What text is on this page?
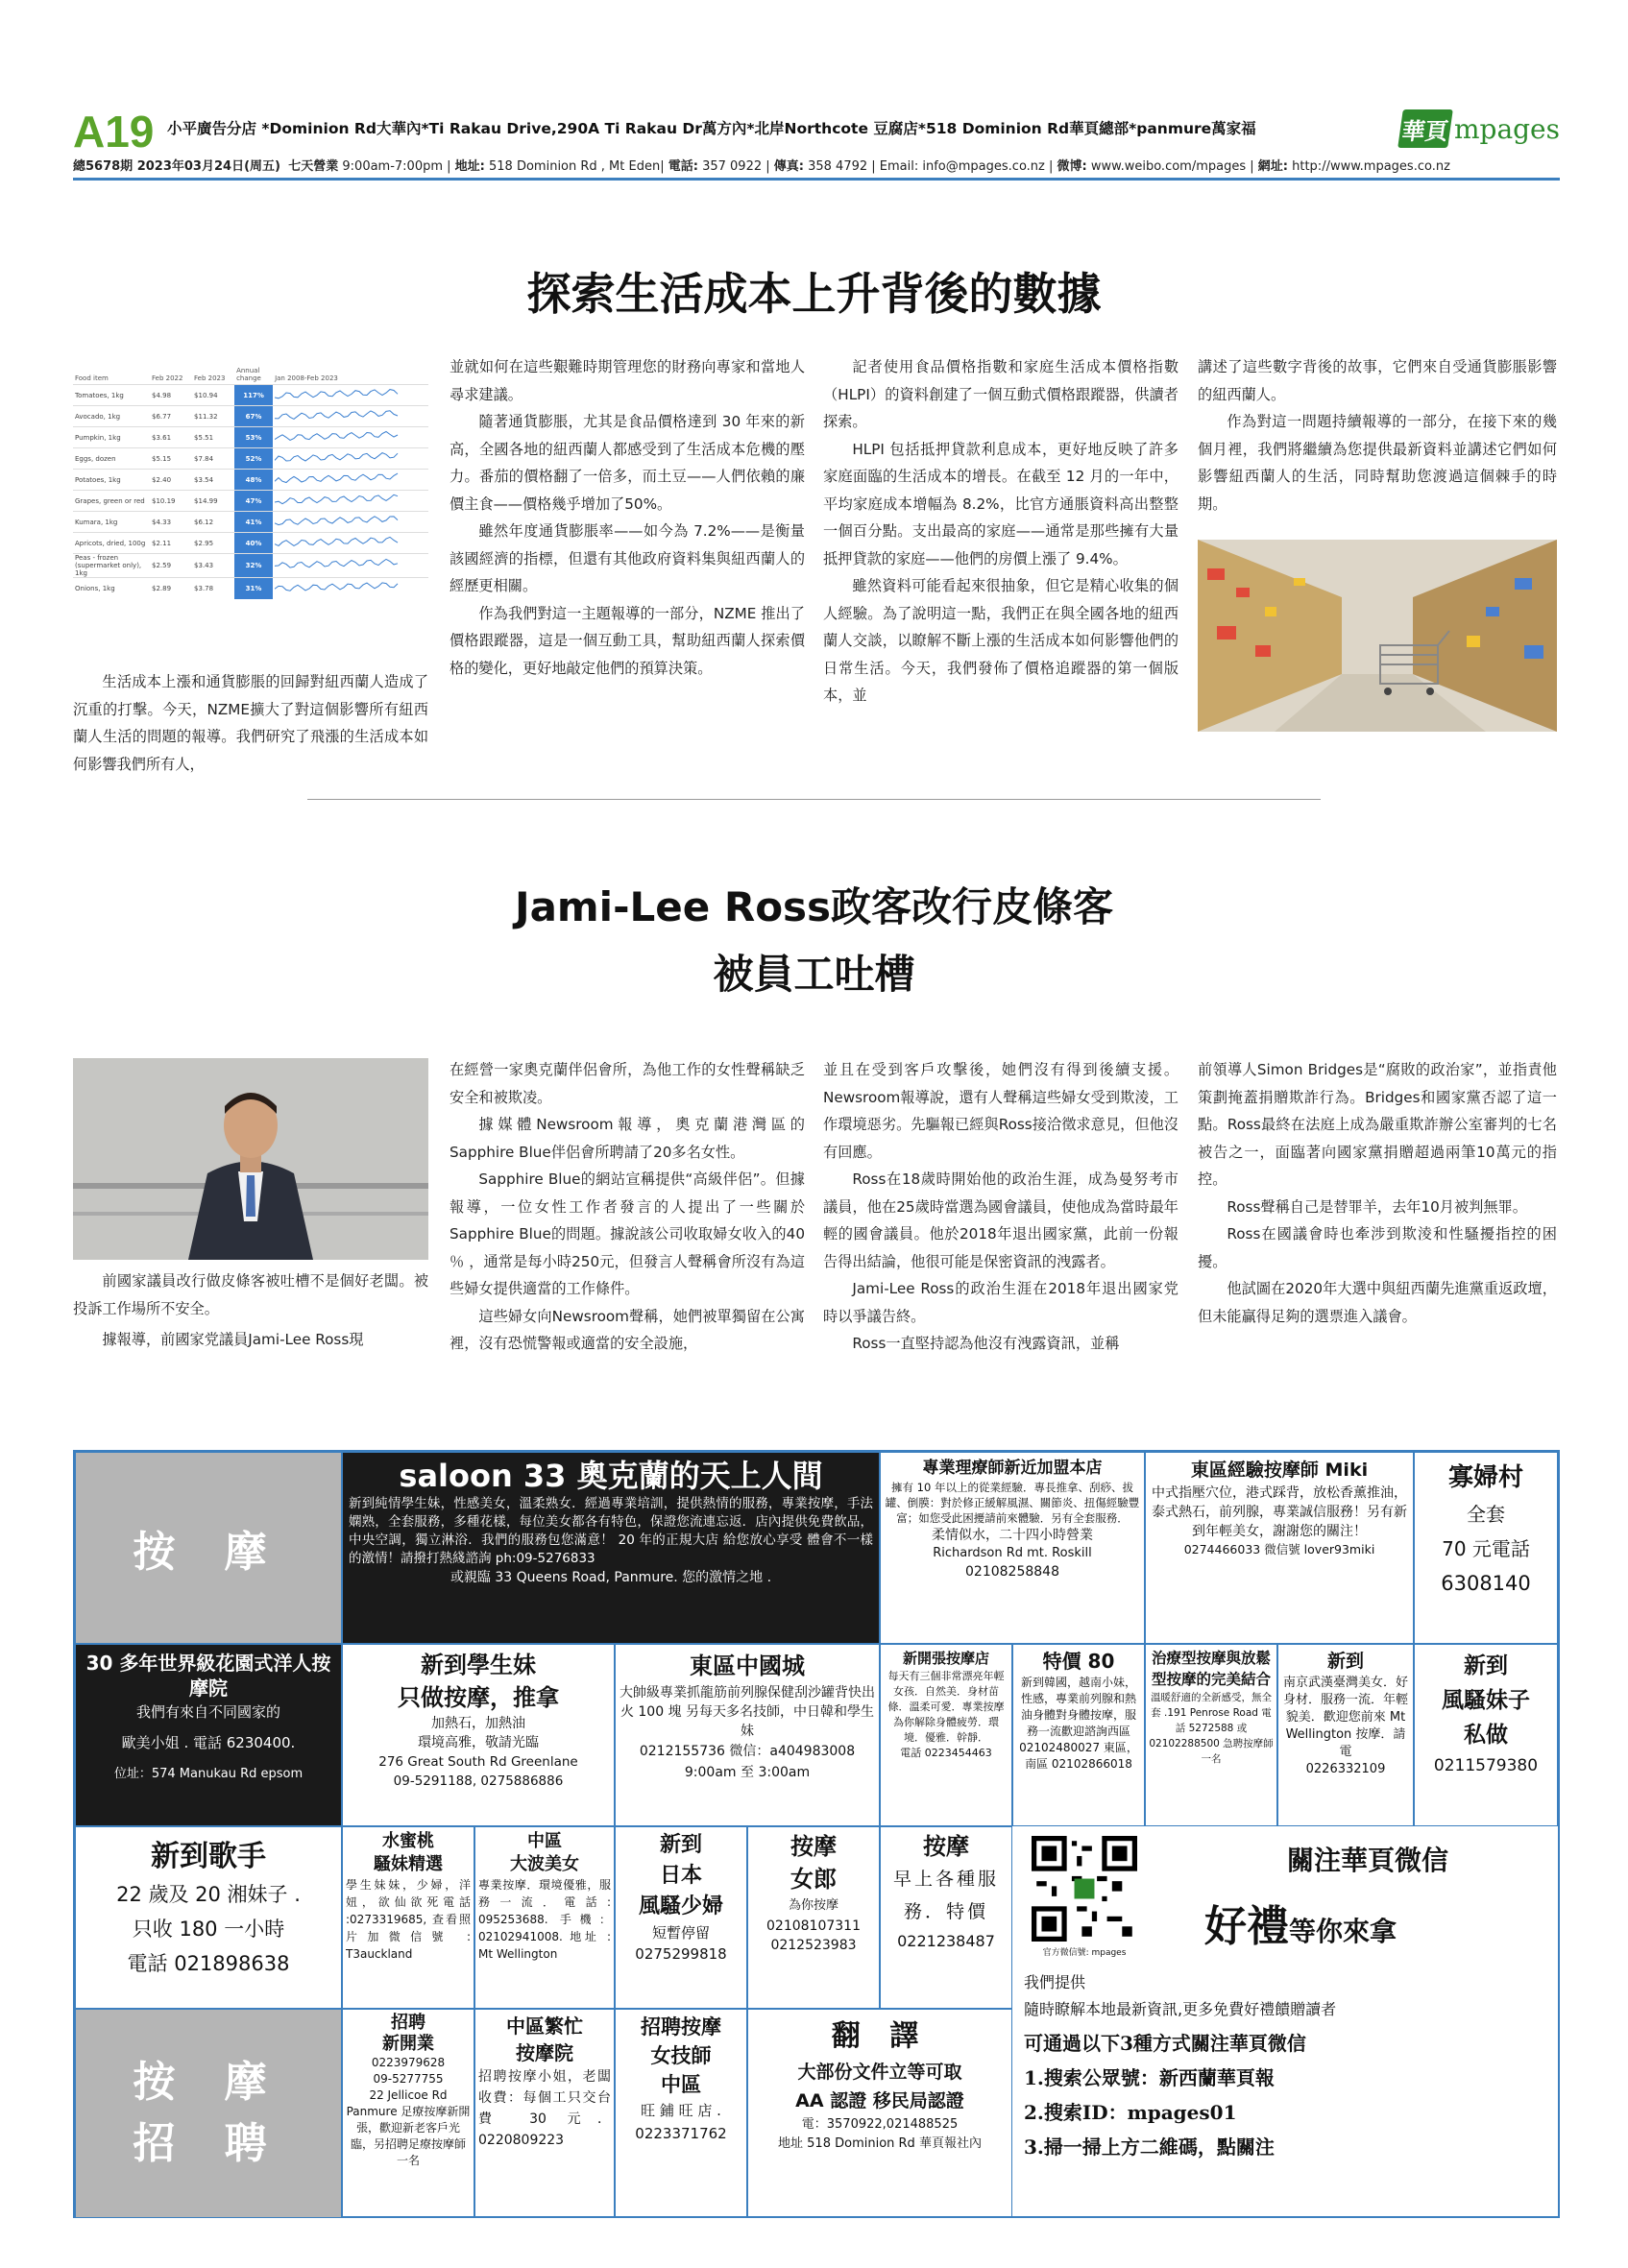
A19 小平廣告分店 *Dominion Rd大華內*Ti Rakau Drive,290A Ti Rakau Dr萬方內*北岸Northcote 豆腐店*518 Dominion Rd華頁總部*panmure萬家福	華頁 mpages
總5678期 2023年03月24日(周五) 七天營業 9:00am-7:00pm | 地址: 518 Dominion Rd , Mt Eden| 電話: 357 0922 | 傳真: 358 4792 | Email: info@mpages.co.nz | 微博: www.weibo.com/mpages | 網址: http://www.mpages.co.nz
探索生活成本上升背後的數據
Food item	Feb 2022	Feb 2023	Annual change	Jan 2008-Feb 2023
Tomatoes, 1kg	$4.98	$10.94	117%	
Avocado, 1kg	$6.77	$11.32	67%	
Pumpkin, 1kg	$3.61	$5.51	53%	
Eggs, dozen	$5.15	$7.84	52%	
Potatoes, 1kg	$2.40	$3.54	48%	
Grapes, green or red	$10.19	$14.99	47%	
Kumara, 1kg	$4.33	$6.12	41%	
Apricots, dried, 100g	$2.11	$2.95	40%	
Peas - frozen (supermarket only), 1kg	$2.59	$3.43	32%	
Onions, 1kg	$2.89	$3.78	31%	

生活成本上漲和通貨膨脹的回歸對紐西蘭人造成了沉重的打擊。今天，NZME擴大了對這個影響所有紐西蘭人生活的問題的報導。我們研究了飛漲的生活成本如何影響我們所有人，

並就如何在這些艱難時期管理您的財務向專家和當地人尋求建議。

隨著通貨膨脹，尤其是食品價格達到 30 年來的新高，全國各地的紐西蘭人都感受到了生活成本危機的壓力。番茄的價格翻了一倍多，而土豆——人們依賴的廉價主食——價格幾乎增加了50%。

雖然年度通貨膨脹率——如今為 7.2%——是衡量該國經濟的指標，但還有其他政府資料集與紐西蘭人的經歷更相關。

作為我們對這一主題報導的一部分，NZME 推出了價格跟蹤器，這是一個互動工具，幫助紐西蘭人探索價格的變化，更好地敲定他們的預算決策。

記者使用食品價格指數和家庭生活成本價格指數（HLPI）的資料創建了一個互動式價格跟蹤器，供讀者探索。

HLPI 包括抵押貸款利息成本，更好地反映了許多家庭面臨的生活成本的增長。在截至 12 月的一年中，平均家庭成本增幅為 8.2%，比官方通脹資料高出整整一個百分點。支出最高的家庭——通常是那些擁有大量抵押貸款的家庭——他們的房價上漲了 9.4%。

雖然資料可能看起來很抽象，但它是精心收集的個人經驗。為了說明這一點，我們正在與全國各地的紐西蘭人交談，以瞭解不斷上漲的生活成本如何影響他們的日常生活。今天，我們發佈了價格追蹤器的第一個版本，並

講述了這些數字背後的故事，它們來自受通貨膨脹影響的紐西蘭人。

作為對這一問題持續報導的一部分，在接下來的幾個月裡，我們將繼續為您提供最新資料並講述它們如何影響紐西蘭人的生活，同時幫助您渡過這個棘手的時期。

Jami-Lee Ross政客改行皮條客
被員工吐槽

前國家議員改行做皮條客被吐槽不是個好老闆。被投訴工作場所不安全。

據報導，前國家党議員Jami-Lee Ross現

在經營一家奧克蘭伴侶會所，為他工作的女性聲稱缺乏安全和被欺凌。

據媒體Newsroom報導，奧克蘭港灣區的Sapphire Blue伴侶會所聘請了20多名女性。

Sapphire Blue的網站宣稱提供“高級伴侶”。但據報導，一位女性工作者發言的人提出了一些關於Sapphire Blue的問題。據說該公司收取婦女收入的40 ％ ，通常是每小時250元，但發言人聲稱會所沒有為這些婦女提供適當的工作條件。

這些婦女向Newsroom聲稱，她們被單獨留在公寓裡，沒有恐慌警報或適當的安全設施，

並且在受到客戶攻擊後，她們沒有得到後續支援。Newsroom報導說，還有人聲稱這些婦女受到欺淩，工作環境惡劣。先驅報已經與Ross接洽徵求意見，但他沒有回應。

Ross在18歲時開始他的政治生涯，成為曼努考市議員，他在25歲時當選為國會議員，使他成為當時最年輕的國會議員。他於2018年退出國家黨，此前一份報告得出結論，他很可能是保密資訊的洩露者。

Jami-Lee Ross的政治生涯在2018年退出國家党時以爭議告終。

Ross一直堅持認為他沒有洩露資訊，並稱

前領導人Simon Bridges是“腐敗的政治家”，並指責他策劃掩蓋捐贈欺詐行為。Bridges和國家黨否認了這一點。Ross最終在法庭上成為嚴重欺詐辦公室審判的七名被告之一，面臨著向國家黨捐贈超過兩筆10萬元的指控。

Ross聲稱自己是替罪羊，去年10月被判無罪。

Ross在國議會時也牽涉到欺淩和性騷擾指控的困擾。

他試圖在2020年大選中與紐西蘭先進黨重返政壇，但未能贏得足夠的選票進入議會。

按 摩
saloon 33 奧克蘭的天上人間
新到純情學生妹，性感美女，溫柔熟女．經過專業培訓，提供熱情的服務，專業按摩，手法嫻熟，全套服務，多種花樣，每位美女都各有特色，保證您流連忘返．店內提供免費飲品，中央空調，獨立淋浴．我們的服務包您滿意！ 20 年的正規大店 給您放心享受 體會不一樣的激情！請撥打熱綫諮詢 ph:09-5276833
或親臨 33 Queens Road, Panmure. 您的激情之地 .
專業理療師新近加盟本店
擁有 10 年以上的從業經驗．專長推拿、刮痧、拔罐、倒膜：對於修正緩解風濕、關節炎、扭傷經驗豐富；如您受此困擾請前來體驗．另有全套服務．
柔情似水，二十四小時營業
Richardson Rd mt. Roskill
02108258848
東區經驗按摩師 Miki
中式指壓穴位，港式踩背，放松香薰推油，泰式熱石，前列腺，專業誠信服務！另有新到年輕美女，謝謝您的關注！
0274466033 微信號 lover93miki
寡婦村
全套
70 元電話
6308140
30 多年世界級花園式洋人按摩院
我們有來自不同國家的
歐美小姐 . 電話 6230400.
位址：574 Manukau Rd epsom
新到學生妹
只做按摩，推拿
加熱石，加熱油
環境高雅，敬請光臨
276 Great South Rd Greenlane
09-5291188, 0275886886
東區中國城
大帥級專業抓龍筋前列腺保健刮沙罐背快出火 100 塊 另每天多名技師，中日韓和學生妹
0212155736 微信：a404983008
9:00am 至 3:00am
新開張按摩店
每天有三個非常漂亮年輕女孩．自然美．身材苗條．溫柔可愛．專業按摩為你解除身體疲勞．環境．優雅．幹靜．
電話 0223454463
特價 80
新到韓國，越南小妹，性感，專業前列腺和熱油身體對身體按摩，服務一流歡迎諮詢西區 02102480027 東區，南區 02102866018
治療型按摩與放鬆型按摩的完美結合
溫暖舒適的全新感受，無全套 .191 Penrose Road 電話 5272588 或 02102288500 急聘按摩師一名
新到
南京武漢臺灣美女．好身材．服務一流．年輕貌美．歡迎您前來 Mt Wellington 按摩．請電
0226332109
新到
風騷妹子
私做
0211579380
新到歌手
22 歲及 20 湘妹子 .
只收 180 一小時
電話 021898638
水蜜桃
騷妹精選
學生妹妹，少婦，洋妞，欲仙欲死電話 :0273319685, 查看照片加微信號 : T3auckland
中區
大波美女
專業按摩．環境優雅，服務一流．電話: 095253688. 手機：02102941008. 地址 : Mt Wellington
新到
日本
風騷少婦
短暫停留
0275299818
按摩
女郎
為你按摩
02108107311
0212523983
按摩
早上各種服務．特價
0221238487
官方微信號: mpages
關注華頁微信
好禮等你來拿
我們提供
隨時瞭解本地最新資訊,更多免費好禮饋贈讀者
可通過以下3種方式關注華頁微信
1.搜索公眾號：新西蘭華頁報
2.搜索ID：mpages01
3.掃一掃上方二維碼，點關注
按 摩
招 聘
招聘
新開業
0223979628
09-5277755
22 Jellicoe Rd Panmure 足療按摩新開張，歡迎新老客戶光臨，另招聘足療按摩師一名
中區繁忙
按摩院
招聘按摩小姐，老闆收費：每個工只交台費 30 元．0220809223
招聘按摩
女技師
中區
旺 鋪 旺 店 .
0223371762
翻 譯
大部份文件立等可取
AA 認證 移民局認證
電：3570922,021488525
地址 518 Dominion Rd 華頁報社內
